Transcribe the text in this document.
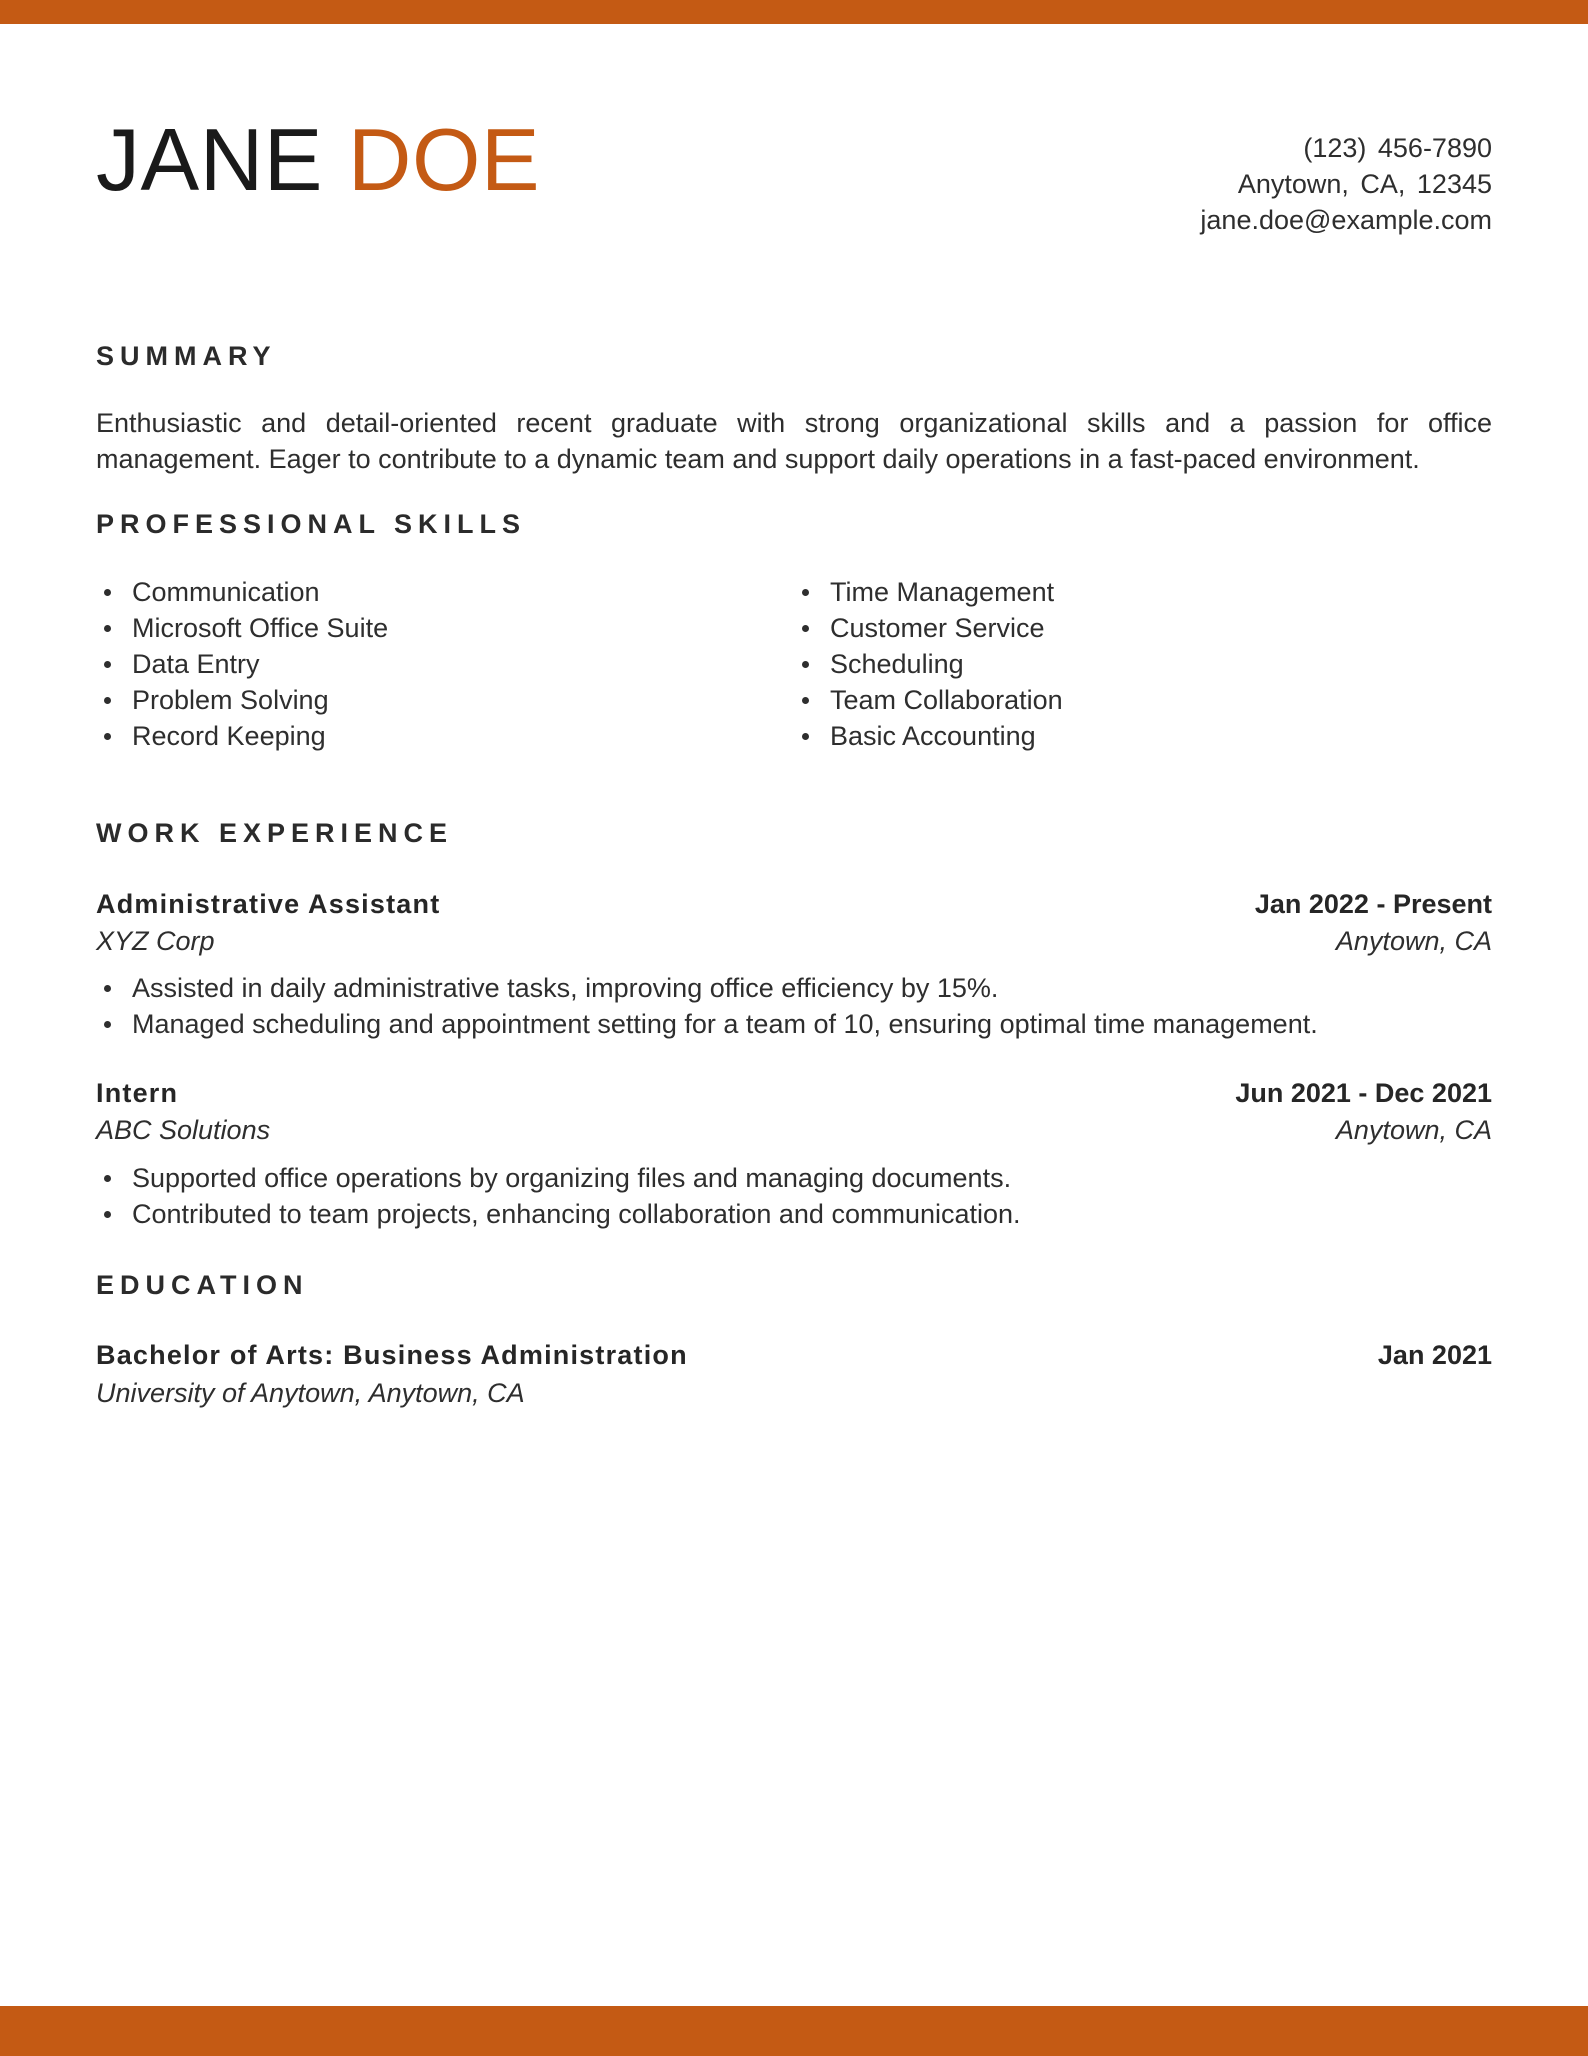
JANE DOE	(123) 456-7890
Anytown, CA, 12345
jane.doe@example.com
SUMMARY
Enthusiastic and detail-oriented recent graduate with strong organizational skills and a passion for office management. Eager to contribute to a dynamic team and support daily operations in a fast-paced environment.
PROFESSIONAL SKILLS
Communication
Microsoft Office Suite
Data Entry
Problem Solving
Record Keeping
Time Management
Customer Service
Scheduling
Team Collaboration
Basic Accounting
WORK EXPERIENCE
Administrative Assistant	Jan 2022 - Present
XYZ Corp	Anytown, CA
Assisted in daily administrative tasks, improving office efficiency by 15%.
Managed scheduling and appointment setting for a team of 10, ensuring optimal time management.
Intern	Jun 2021 - Dec 2021
ABC Solutions	Anytown, CA
Supported office operations by organizing files and managing documents.
Contributed to team projects, enhancing collaboration and communication.
EDUCATION
Bachelor of Arts: Business Administration	Jan 2021
University of Anytown, Anytown, CA
